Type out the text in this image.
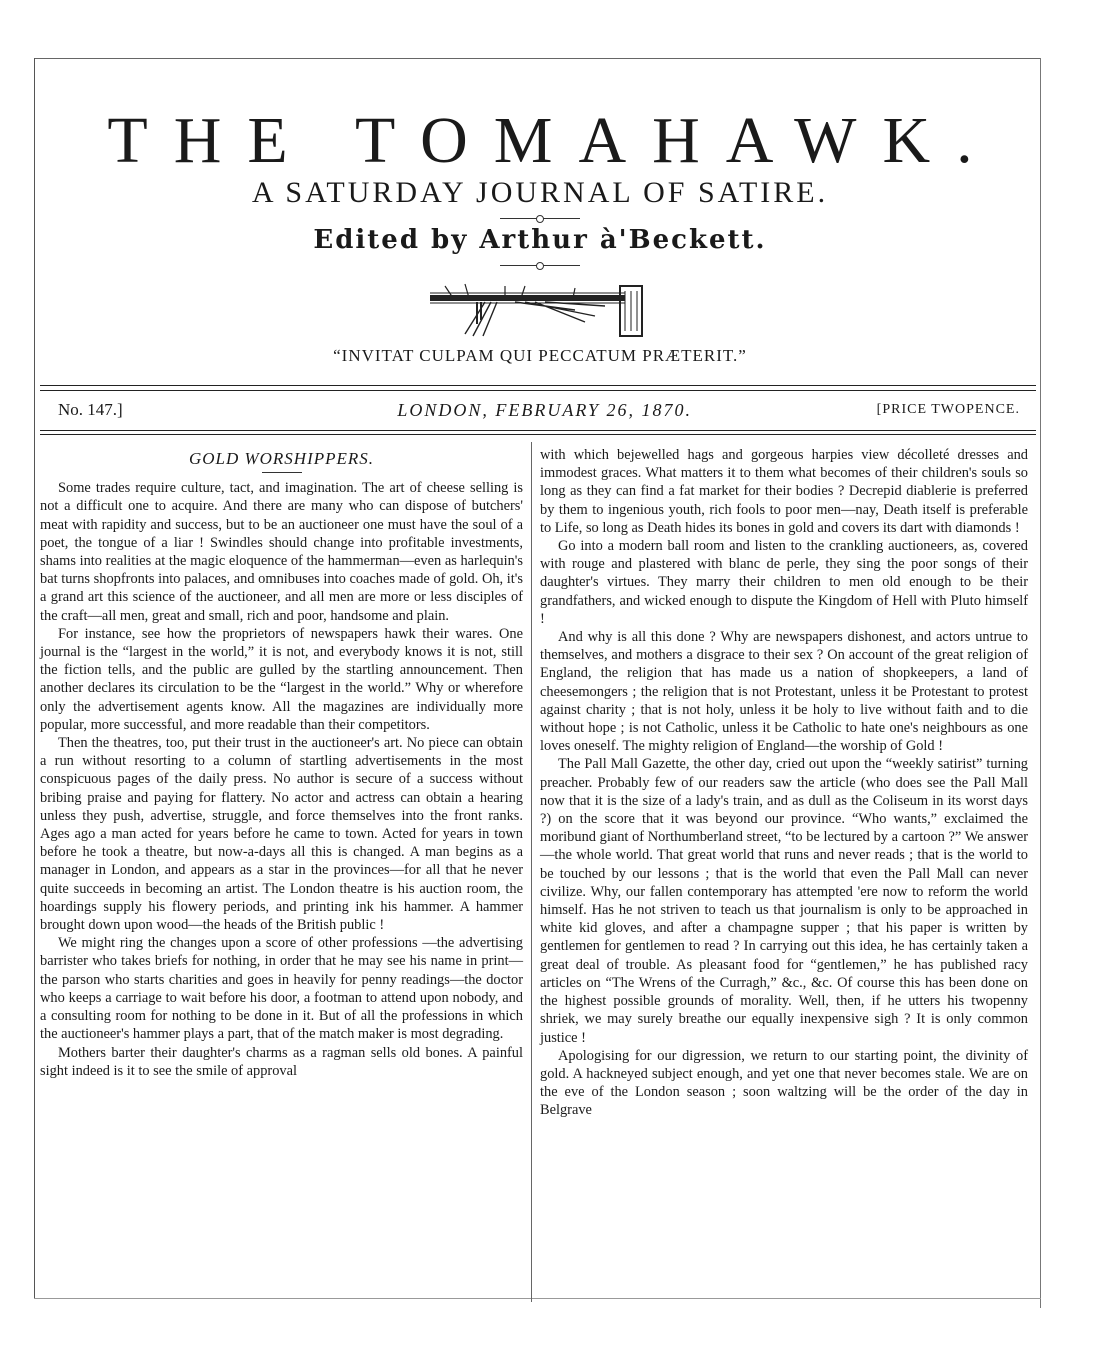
THE TOMAHAWK.
A SATURDAY JOURNAL OF SATIRE.
Edited by Arthur à'Beckett.
“INVITAT CULPAM QUI PECCATUM PRÆTERIT.”
No. 147.]	LONDON, FEBRUARY 26, 1870.	[PRICE TWOPENCE.
GOLD WORSHIPPERS.

Some trades require culture, tact, and imagination. The art of cheese selling is not a difficult one to acquire. And there are many who can dispose of butchers' meat with rapidity and success, but to be an auctioneer one must have the soul of a poet, the tongue of a liar ! Swindles should change into profitable investments, shams into realities at the magic eloquence of the hammerman—even as harlequin's bat turns shopfronts into palaces, and omnibuses into coaches made of gold. Oh, it's a grand art this science of the auctioneer, and all men are more or less disciples of the craft—all men, great and small, rich and poor, handsome and plain.

For instance, see how the proprietors of newspapers hawk their wares. One journal is the “largest in the world,” it is not, and everybody knows it is not, still the fiction tells, and the public are gulled by the startling announcement. Then another declares its circulation to be the “largest in the world.” Why or wherefore only the advertisement agents know. All the magazines are individually more popular, more successful, and more readable than their competitors.

Then the theatres, too, put their trust in the auctioneer's art. No piece can obtain a run without resorting to a column of startling advertisements in the most conspicuous pages of the daily press. No author is secure of a success without bribing praise and paying for flattery. No actor and actress can obtain a hearing unless they push, advertise, struggle, and force themselves into the front ranks. Ages ago a man acted for years before he came to town. Acted for years in town before he took a theatre, but now-a-days all this is changed. A man begins as a manager in London, and appears as a star in the provinces—for all that he never quite succeeds in becoming an artist. The London theatre is his auction room, the hoardings supply his flowery periods, and printing ink his hammer. A hammer brought down upon wood—the heads of the British public !

We might ring the changes upon a score of other professions —the advertising barrister who takes briefs for nothing, in order that he may see his name in print—the parson who starts charities and goes in heavily for penny readings—the doctor who keeps a carriage to wait before his door, a footman to attend upon nobody, and a consulting room for nothing to be done in it. But of all the professions in which the auctioneer's hammer plays a part, that of the match maker is most degrading.

Mothers barter their daughter's charms as a ragman sells old bones. A painful sight indeed is it to see the smile of approval

with which bejewelled hags and gorgeous harpies view décolleté dresses and immodest graces. What matters it to them what becomes of their children's souls so long as they can find a fat market for their bodies ? Decrepid diablerie is preferred by them to ingenious youth, rich fools to poor men—nay, Death itself is preferable to Life, so long as Death hides its bones in gold and covers its dart with diamonds !

Go into a modern ball room and listen to the crankling auctioneers, as, covered with rouge and plastered with blanc de perle, they sing the poor songs of their daughter's virtues. They marry their children to men old enough to be their grandfathers, and wicked enough to dispute the Kingdom of Hell with Pluto himself !

And why is all this done ? Why are newspapers dishonest, and actors untrue to themselves, and mothers a disgrace to their sex ? On account of the great religion of England, the religion that has made us a nation of shopkeepers, a land of cheesemongers ; the religion that is not Protestant, unless it be Protestant to protest against charity ; that is not holy, unless it be holy to live without faith and to die without hope ; is not Catholic, unless it be Catholic to hate one's neighbours as one loves oneself. The mighty religion of England—the worship of Gold !

The Pall Mall Gazette, the other day, cried out upon the “weekly satirist” turning preacher. Probably few of our readers saw the article (who does see the Pall Mall now that it is the size of a lady's train, and as dull as the Coliseum in its worst days ?) on the score that it was beyond our province. “Who wants,” exclaimed the moribund giant of Northumberland street, “to be lectured by a cartoon ?” We answer—the whole world. That great world that runs and never reads ; that is the world to be touched by our lessons ; that is the world that even the Pall Mall can never civilize. Why, our fallen contemporary has attempted 'ere now to reform the world himself. Has he not striven to teach us that journalism is only to be approached in white kid gloves, and after a champagne supper ; that his paper is written by gentlemen for gentlemen to read ? In carrying out this idea, he has certainly taken a great deal of trouble. As pleasant food for “gentlemen,” he has published racy articles on “The Wrens of the Curragh,” &c., &c. Of course this has been done on the highest possible grounds of morality. Well, then, if he utters his twopenny shriek, we may surely breathe our equally inexpensive sigh ? It is only common justice !

Apologising for our digression, we return to our starting point, the divinity of gold. A hackneyed subject enough, and yet one that never becomes stale. We are on the eve of the London season ; soon waltzing will be the order of the day in Belgrave
